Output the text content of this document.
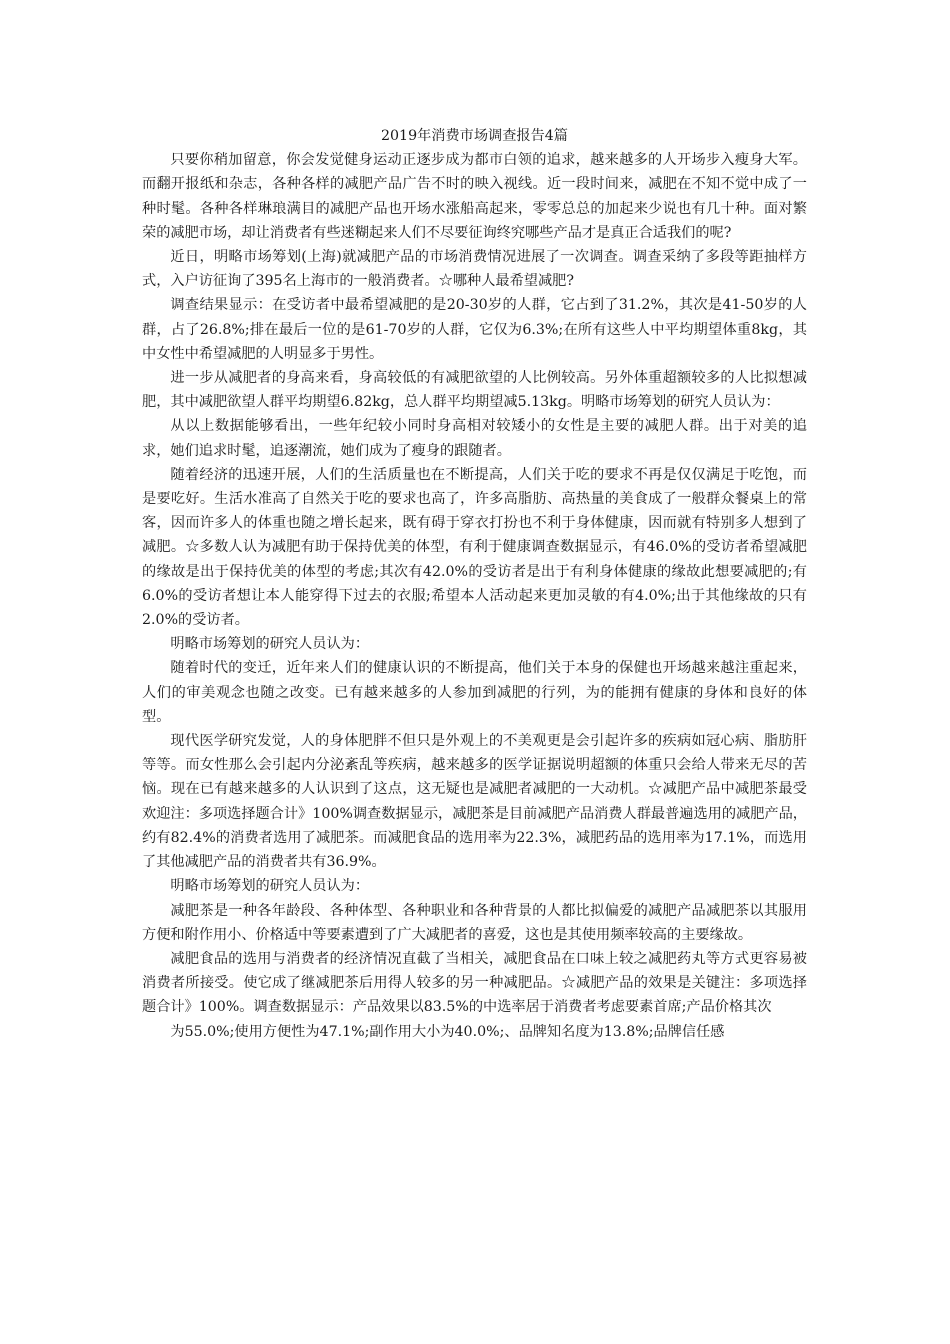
2019年消费市场调查报告4篇

只要你稍加留意，你会发觉健身运动正逐步成为都市白领的追求，越来越多的人开场步入瘦身大军。而翻开报纸和杂志，各种各样的减肥产品广告不时的映入视线。近一段时间来，减肥在不知不觉中成了一种时髦。各种各样琳琅满目的减肥产品也开场水涨船高起来，零零总总的加起来少说也有几十种。面对繁荣的减肥市场，却让消费者有些迷糊起来人们不尽要征询终究哪些产品才是真正合适我们的呢?

近日，明略市场筹划(上海)就减肥产品的市场消费情况进展了一次调查。调查采纳了多段等距抽样方式，入户访征询了395名上海市的一般消费者。☆哪种人最希望减肥?

调查结果显示：在受访者中最希望减肥的是20-30岁的人群，它占到了31.2%，其次是41-50岁的人群，占了26.8%;排在最后一位的是61-70岁的人群，它仅为6.3%;在所有这些人中平均期望体重8kg，其中女性中希望减肥的人明显多于男性。

进一步从减肥者的身高来看，身高较低的有减肥欲望的人比例较高。另外体重超额较多的人比拟想减肥，其中减肥欲望人群平均期望6.82kg，总人群平均期望减5.13kg。明略市场筹划的研究人员认为：

从以上数据能够看出，一些年纪较小同时身高相对较矮小的女性是主要的减肥人群。出于对美的追求，她们追求时髦，追逐潮流，她们成为了瘦身的跟随者。

随着经济的迅速开展，人们的生活质量也在不断提高，人们关于吃的要求不再是仅仅满足于吃饱，而是要吃好。生活水准高了自然关于吃的要求也高了，许多高脂肪、高热量的美食成了一般群众餐桌上的常客，因而许多人的体重也随之增长起来，既有碍于穿衣打扮也不利于身体健康，因而就有特别多人想到了减肥。☆多数人认为减肥有助于保持优美的体型，有利于健康调查数据显示，有46.0%的受访者希望减肥的缘故是出于保持优美的体型的考虑;其次有42.0%的受访者是出于有利身体健康的缘故此想要减肥的;有6.0%的受访者想让本人能穿得下过去的衣服;希望本人活动起来更加灵敏的有4.0%;出于其他缘故的只有2.0%的受访者。

明略市场筹划的研究人员认为：

随着时代的变迁，近年来人们的健康认识的不断提高，他们关于本身的保健也开场越来越注重起来，人们的审美观念也随之改变。已有越来越多的人参加到减肥的行列，为的能拥有健康的身体和良好的体型。

现代医学研究发觉，人的身体肥胖不但只是外观上的不美观更是会引起许多的疾病如冠心病、脂肪肝等等。而女性那么会引起内分泌紊乱等疾病，越来越多的医学证据说明超额的体重只会给人带来无尽的苦恼。现在已有越来越多的人认识到了这点，这无疑也是减肥者减肥的一大动机。☆减肥产品中减肥茶最受欢迎注：多项选择题合计》100%调查数据显示，减肥茶是目前减肥产品消费人群最普遍选用的减肥产品，约有82.4%的消费者选用了减肥茶。而减肥食品的选用率为22.3%，减肥药品的选用率为17.1%，而选用了其他减肥产品的消费者共有36.9%。

明略市场筹划的研究人员认为：

减肥茶是一种各年龄段、各种体型、各种职业和各种背景的人都比拟偏爱的减肥产品减肥茶以其服用方便和附作用小、价格适中等要素遭到了广大减肥者的喜爱，这也是其使用频率较高的主要缘故。

减肥食品的选用与消费者的经济情况直截了当相关，减肥食品在口味上较之减肥药丸等方式更容易被消费者所接受。使它成了继减肥茶后用得人较多的另一种减肥品。☆减肥产品的效果是关键注：多项选择题合计》100%。调查数据显示：产品效果以83.5%的中选率居于消费者考虑要素首席;产品价格其次

为55.0%;使用方便性为47.1%;副作用大小为40.0%;、品牌知名度为13.8%;品牌信任感
